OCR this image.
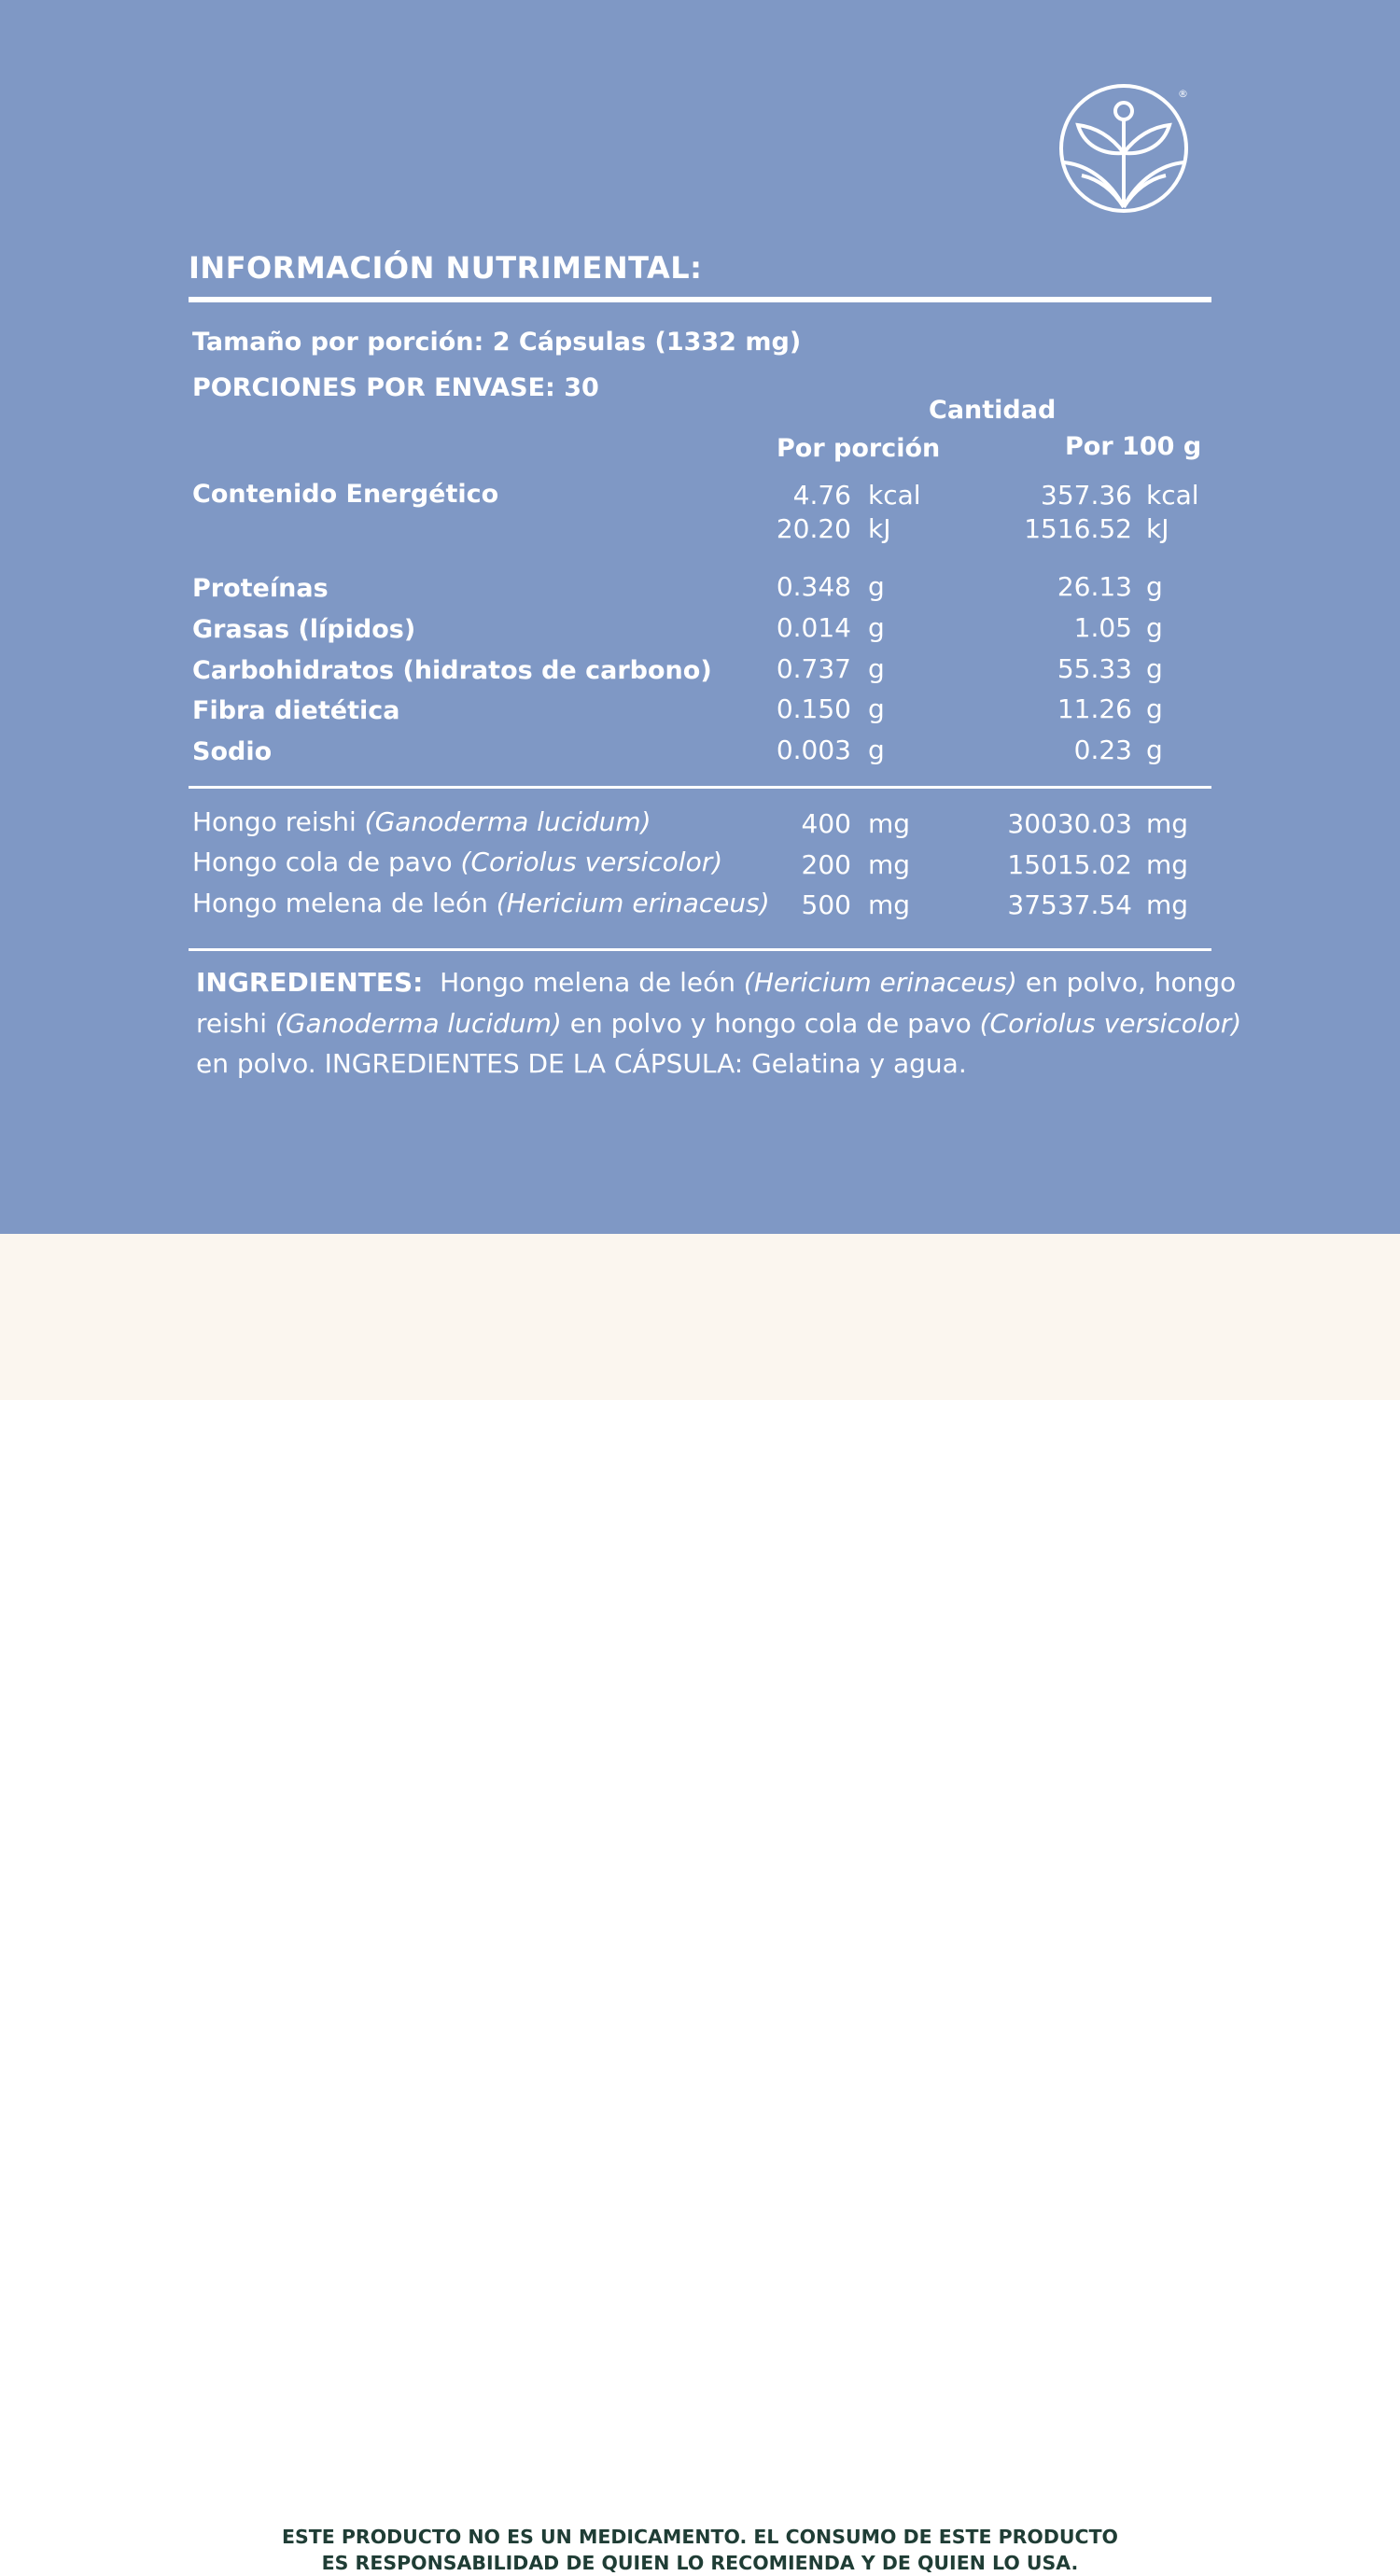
®
INFORMACIÓN NUTRIMENTAL:
Tamaño por porción: 2 Cápsulas (1332 mg)
PORCIONES POR ENVASE: 30
Cantidad
Por porción	Por 100 g
Contenido Energético	4.76 kcal	357.36 kcal
20.20 kJ	1516.52 kJ
Proteínas	0.348 g	26.13 g
Grasas (lípidos)	0.014 g	1.05 g
Carbohidratos (hidratos de carbono) 0.737 g	55.33 g
Fibra dietética	0.150 g	11.26 g
Sodio	0.003 g	0.23 g
Hongo reishi (Ganoderma lucidum)	400 mg	30030.03 mg
Hongo cola de pavo (Coriolus versicolor)	200 mg	15015.02 mg
Hongo melena de león (Hericium erinaceus) 500 mg	37537.54 mg
INGREDIENTES: Hongo melena de león (Hericium erinaceus) en polvo, hongo
reishi (Ganoderma lucidum) en polvo y hongo cola de pavo (Coriolus versicolor)
en polvo. INGREDIENTES DE LA CÁPSULA: Gelatina y agua.
ESTE PRODUCTO NO ES UN MEDICAMENTO. EL CONSUMO DE ESTE PRODUCTO
ES RESPONSABILIDAD DE QUIEN LO RECOMIENDA Y DE QUIEN LO USA.
